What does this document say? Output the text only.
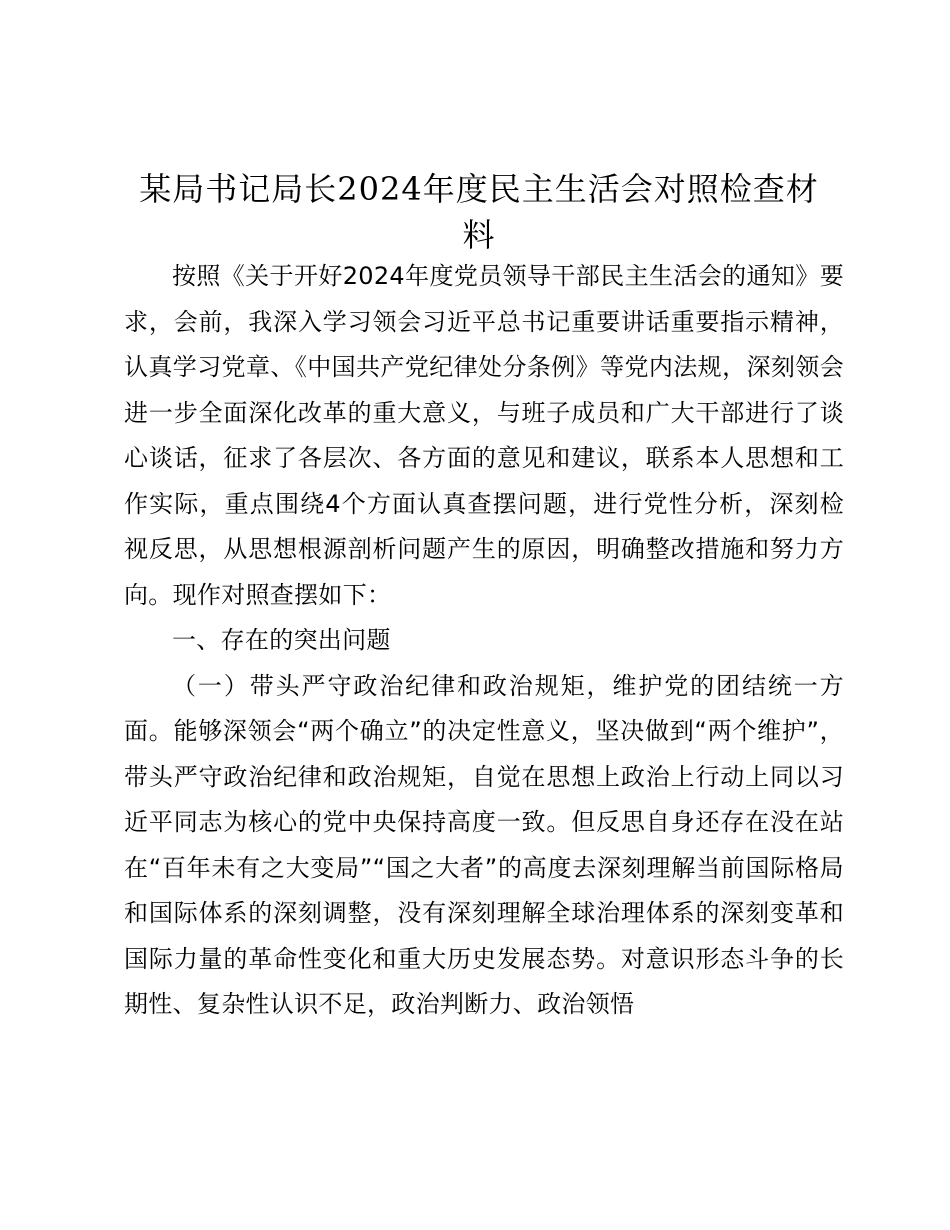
某局书记局长2024年度民主生活会对照检查材料

按照《关于开好2024年度党员领导干部民主生活会的通知》要求，会前，我深入学习领会习近平总书记重要讲话重要指示精神，认真学习党章、《中国共产党纪律处分条例》等党内法规，深刻领会进一步全面深化改革的重大意义，与班子成员和广大干部进行了谈心谈话，征求了各层次、各方面的意见和建议，联系本人思想和工作实际，重点围绕4个方面认真查摆问题，进行党性分析，深刻检视反思，从思想根源剖析问题产生的原因，明确整改措施和努力方向。现作对照查摆如下：

一、存在的突出问题

（一）带头严守政治纪律和政治规矩，维护党的团结统一方面。能够深领会“两个确立”的决定性意义，坚决做到“两个维护”，带头严守政治纪律和政治规矩，自觉在思想上政治上行动上同以习近平同志为核心的党中央保持高度一致。但反思自身还存在没在站在“百年未有之大变局”“国之大者”的高度去深刻理解当前国际格局和国际体系的深刻调整，没有深刻理解全球治理体系的深刻变革和国际力量的革命性变化和重大历史发展态势。对意识形态斗争的长期性、复杂性认识不足，政治判断力、政治领悟
